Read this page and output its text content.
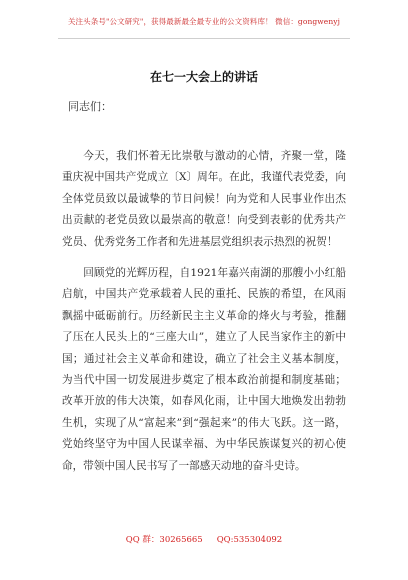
关注头条号"公文研究"，获得最新最全最专业的公文资料库！ 微信：gongwenyj
在七一大会上的讲话
同志们：
今天，我们怀着无比崇敬与激动的心情，齐聚一堂，隆重庆祝中国共产党成立〔X〕周年。在此，我谨代表党委，向全体党员致以最诚挚的节日问候！向为党和人民事业作出杰出贡献的老党员致以最崇高的敬意！向受到表彰的优秀共产党员、优秀党务工作者和先进基层党组织表示热烈的祝贺！
回顾党的光辉历程，自1921年嘉兴南湖的那艘小小红船启航，中国共产党承载着人民的重托、民族的希望，在风雨飘摇中砥砺前行。历经新民主主义革命的烽火与考验，推翻了压在人民头上的“三座大山”，建立了人民当家作主的新中国；通过社会主义革命和建设，确立了社会主义基本制度，为当代中国一切发展进步奠定了根本政治前提和制度基础；改革开放的伟大决策，如春风化雨，让中国大地焕发出勃勃生机，实现了从“富起来”到“强起来”的伟大飞跃。这一路，党始终坚守为中国人民谋幸福、为中华民族谋复兴的初心使命，带领中国人民书写了一部感天动地的奋斗史诗。
QQ 群：30265665 QQ:535304092
